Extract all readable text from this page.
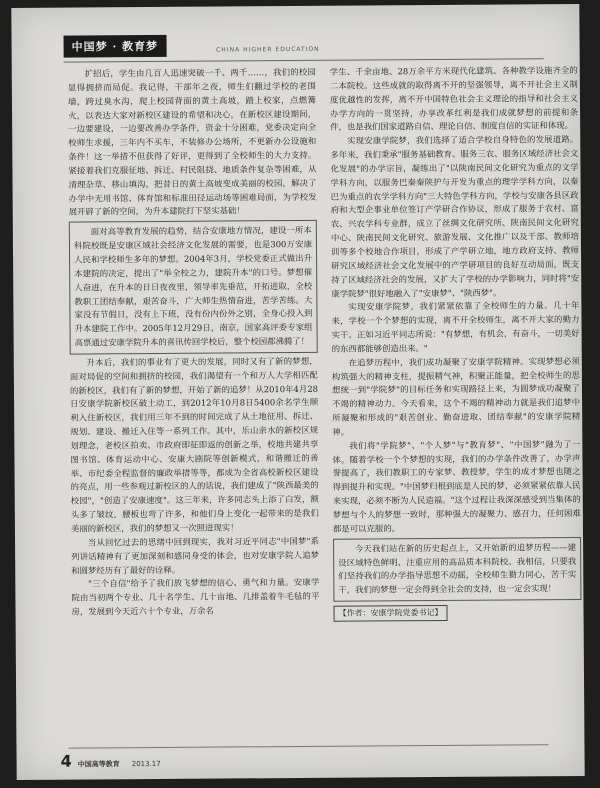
中国梦 · 教育梦	CHINA HIGHER EDUCATION

扩招后，学生由几百人迅速突破一千、两千……，我们的校园显得拥挤而局促。我记得，干部年之夜，师生们翻过学校的老围墙，跨过臭水沟，爬上校园背面的黄土高坡，踏上校家，点燃篝火，以表达大家对新校区建设的希望和决心，在新校区建设期间，一边要建设，一边要改善办学条件，资金十分困难，党委决定向全校师生求援，三年内不买车，不装修办公场所，不更新办公设施和条件！这一举措不但获得了好评，更得到了全校师生的大力支持。紧接着我们克服征地、拆迁、村民阻挠、地质条件复杂等困难，从清理杂草、移山填沟，把昔日的黄土高坡变成美丽的校园，解决了办学中无用书馆、体育馆和标准田径运动场等困难局面，为学校发展开辟了新的空间，为升本建院打下坚实基础！

面对高等教育发展的趋势，结合安康地方情况，建设一所本科院校既是安康区域社会经济文化发展的需要，也是300万安康人民和学校师生多年的梦想。2004年3月，学校党委正式做出升本建院的决定，提出了"举全校之力，建院升本"的口号。梦想催人奋进，在升本的日日夜夜里，领导率先垂范，开拓进取，全校教职工团结奉献，艰苦奋斗，广大师生热情奋进，苦学苦练。大家没有节假日，没有上下班，没有份内份外之别，全身心投入到升本建院工作中。2005年12月29日，南京，国家高评委专家组高票通过安康学院升本的喜讯传回学校后，整个校园都沸腾了！

升本后，我们的事业有了更大的发展，同时又有了新的梦想，面对局促的空间和拥挤的校园，我们渴望有一个和万人大学相匹配的新校区，我们有了新的梦想，开始了新的追梦！从2010年4月28日安康学院新校区破土动工，到2012年10月8日5400余名学生顺利入住新校区，我们用三年不到的时间完成了从土地征用、拆迁、规划、建设、搬迁入住等一系列工作。其中，乐山亲水的新校区规划理念，老校区拍卖、市政府即征即返的创新之举，校地共建共享图书馆、体育运动中心、安康大剧院等创新模式，和谐搬迁的善举、市纪委全程监督的廉政举措等等，都成为全省高校新校区建设的亮点，用一些参观过新校区的人的话说，我们建成了"陕西最美的校园"，"创造了安康速度"。这三年来，许多同志头上添了白发，额头多了皱纹，腰板也弯了许多，和他们身上变化一起带来的是我们美丽的新校区，我们的梦想又一次照进现实！

当从回忆过去的思绪中回到现实，我对习近平同志"中国梦"系列讲话精神有了更加深刻和感同身受的体会，也对安康学院人追梦和圆梦经历有了最好的诠释。

"三个自信"给予了我们放飞梦想的信心、勇气和力量。安康学院由当初两个专业、几十名学生、几十亩地、几排盖着牛毛毡的平房，发展到今天近六十个专业，万余名

学生、千余亩地、28万余平方米现代化建筑、各种教学设施齐全的二本院校。这些成就的取得离不开的坚强领导，离不开社会主义制度优越性的发挥，离不开中国特色社会主义理论的指导和社会主义办学方向的一贯坚持，办享改革红利是我们成就梦想的前提和条件，也是我们国家道路自信、理论自信、制度自信的实证和体现。

实现安康学院梦，我们选择了适合学校自身特色的发展道路。多年来，我们秉承"服务基础教育、服务三农、服务区域经济社会文化发展"的办学宗旨，凝练出了"以陕南民间文化研究为重点的文学学科方向，以服务巴秦秦陕护与开发为重点的理学学科方向，以秦巴为重点的农学学科方向"三大特色学科方向，学校与安康各县区政府和大型企事业单位签订产学研合作协议，形成了服务于农村、富农、兴农学科专业群，成立了丝绸文化研究所、陕南民间文化研究中心、陕南民间文化研究、旅游发展、文化推广以及干部、教师培训等多个校地合作项目，形成了产学研立地，地方政府支持、教师研究区域经济社会文化发展中的产学研项目的良好互动局面，既支持了区域经济社会的发展，又扩大了学校的办学影响力，同时将"安康学院梦"很好地融入了"安康梦"、"陕西梦"。

实现安康学院梦，我们紧紧依靠了全校师生的力量。几十年来，学校一个个梦想的实现，离不开全校师生，离不开大家的勤力实干。正如习近平同志所说："有梦想，有机会，有奋斗，一切美好的东西都能够创造出来。"

在追梦历程中，我们成功凝聚了安康学院精神。实现梦想必须构筑强大的精神支柱，提振精气神，积聚正能量，把全校师生的思想统一到"学院梦"的目标任务和实现路径上来，为圆梦成功凝聚了不竭的精神动力。今天看来，这个不竭的精神动力就是我们追梦中所凝聚和形成的"艰苦创业、勤奋进取、团结奉献"的安康学院精神。

我们将"学院梦"、"个人梦"与"教育梦"、"中国梦"融为了一体。随着学校一个个梦想的实现，我们的办学条件改善了，办学声誉提高了，我们教职工的专家梦、教授梦，学生的成才梦想也随之得到提升和实现。"中国梦归根到底是人民的梦，必须紧紧依靠人民来实现，必须不断为人民造福。"这个过程让我深深感受到当集体的梦想与个人的梦想一致时，那种强大的凝聚力、感召力，任何困难都是可以克服的。

今天我们站在新的历史起点上，又开始新的追梦历程——建设区域特色鲜明、注重应用的高品质本科院校。我相信，只要我们坚持我们的办学指导思想不动摇，全校师生勠力同心，苦干实干，我们的梦想一定会得到全社会的支持，也一定会实现！

【作者：安康学院党委书记】

4 中国高等教育 2013.17
